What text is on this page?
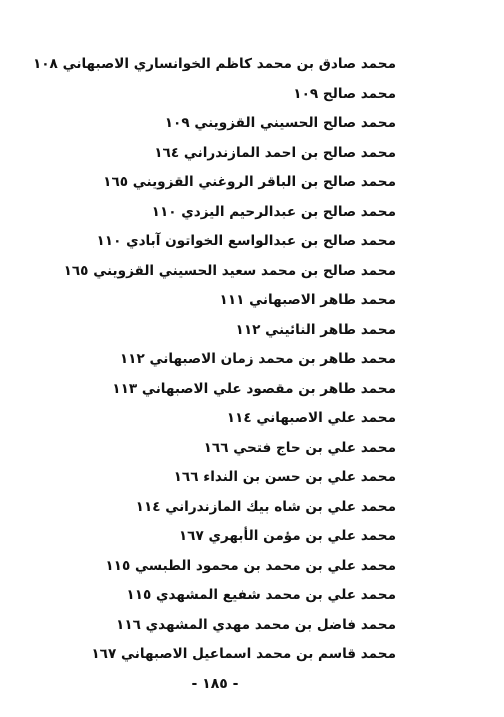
محمد صادق بن محمد كاظم الخوانساري الاصبهاني ١٠٨
محمد صالح ١٠٩
محمد صالح الحسيني القزويني ١٠٩
محمد صالح بن احمد المازندراني ١٦٤
محمد صالح بن الباقر الروغني القزويني ١٦٥
محمد صالح بن عبدالرحيم اليزدي ١١٠
محمد صالح بن عبدالواسع الخواتون آبادي ١١٠
محمد صالح بن محمد سعيد الحسيني القزويني ١٦٥
محمد طاهر الاصبهاني ١١١
محمد طاهر النائيني ١١٢
محمد طاهر بن محمد زمان الاصبهاني ١١٢
محمد طاهر بن مقصود علي الاصبهاني ١١٣
محمد علي الاصبهاني ١١٤
محمد علي بن حاج فتحي ١٦٦
محمد علي بن حسن بن النداء ١٦٦
محمد علي بن شاه بيك المازندراني ١١٤
محمد علي بن مؤمن الأبهري ١٦٧
محمد علي بن محمد بن محمود الطبسي ١١٥
محمد علي بن محمد شفيع المشهدي ١١٥
محمد فاضل بن محمد مهدي المشهدي ١١٦
محمد قاسم بن محمد اسماعيل الاصبهاني ١٦٧
- ١٨٥ -
